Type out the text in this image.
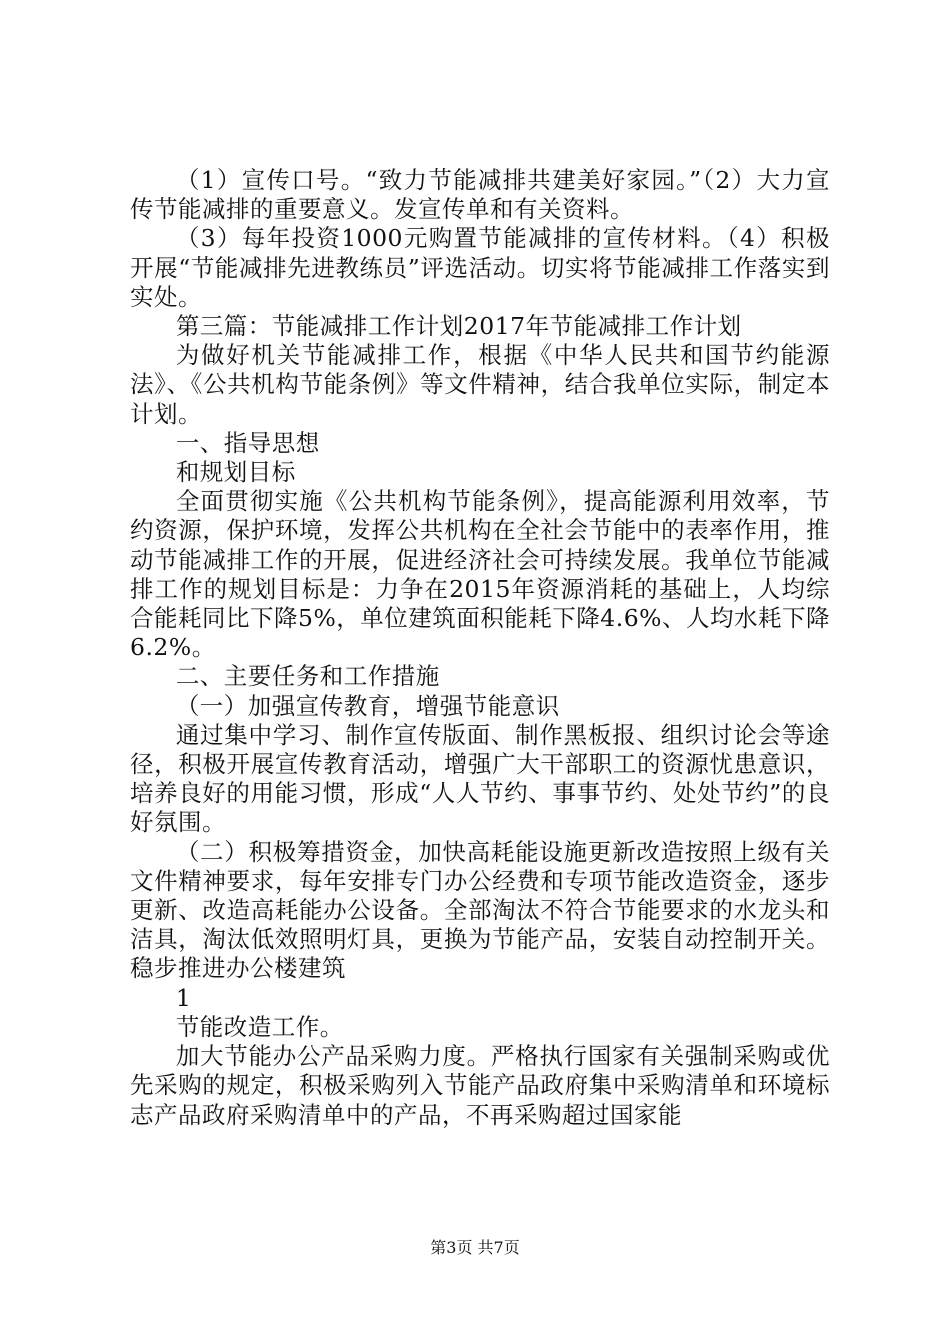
（1）宣传口号。“致力节能减排共建美好家园。”（2）大力宣传节能减排的重要意义。发宣传单和有关资料。

（3）每年投资1000元购置节能减排的宣传材料。（4）积极开展“节能减排先进教练员”评选活动。切实将节能减排工作落实到实处。

第三篇：节能减排工作计划2017年节能减排工作计划

为做好机关节能减排工作，根据《中华人民共和国节约能源法》、《公共机构节能条例》等文件精神，结合我单位实际，制定本计划。

一、指导思想

和规划目标

全面贯彻实施《公共机构节能条例》，提高能源利用效率，节约资源，保护环境，发挥公共机构在全社会节能中的表率作用，推动节能减排工作的开展，促进经济社会可持续发展。我单位节能减排工作的规划目标是：力争在2015年资源消耗的基础上，人均综合能耗同比下降5%，单位建筑面积能耗下降4.6%、人均水耗下降6.2%。

二、主要任务和工作措施

（一）加强宣传教育，增强节能意识

通过集中学习、制作宣传版面、制作黑板报、组织讨论会等途径，积极开展宣传教育活动，增强广大干部职工的资源忧患意识，培养良好的用能习惯，形成“人人节约、事事节约、处处节约”的良好氛围。

（二）积极筹措资金，加快高耗能设施更新改造按照上级有关文件精神要求，每年安排专门办公经费和专项节能改造资金，逐步更新、改造高耗能办公设备。全部淘汰不符合节能要求的水龙头和洁具，淘汰低效照明灯具，更换为节能产品，安装自动控制开关。稳步推进办公楼建筑

1

节能改造工作。

加大节能办公产品采购力度。严格执行国家有关强制采购或优先采购的规定，积极采购列入节能产品政府集中采购清单和环境标志产品政府采购清单中的产品，不再采购超过国家能

第3页 共7页
